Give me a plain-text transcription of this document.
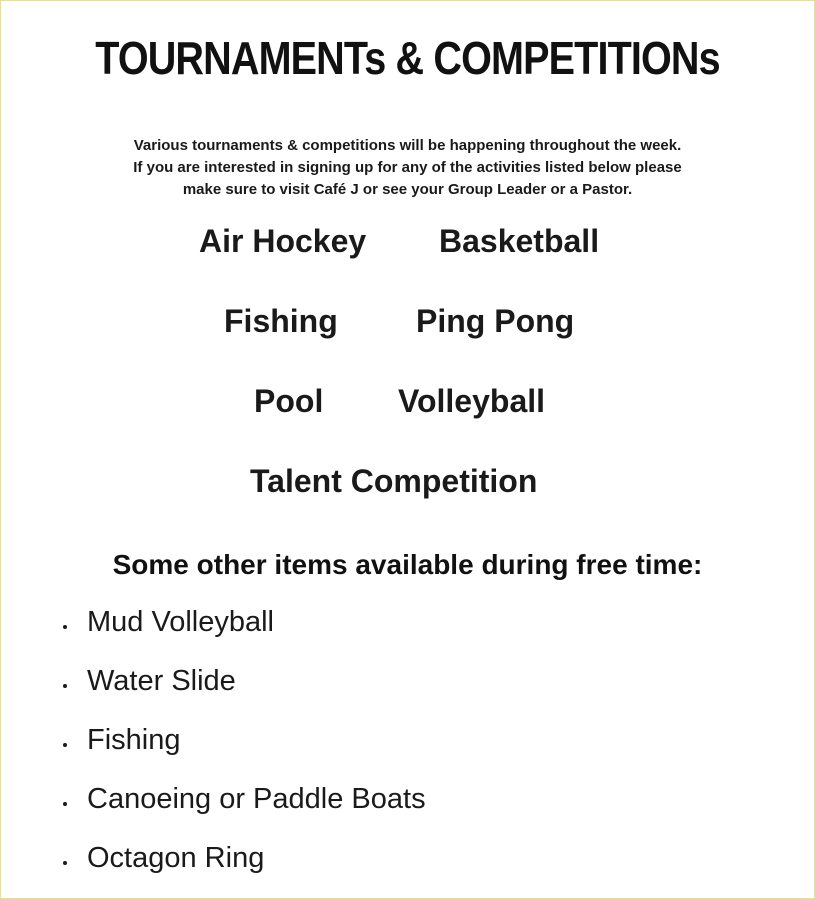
TOURNAMENTs & COMPETITIONs
Various tournaments & competitions will be happening throughout the week.
If you are interested in signing up for any of the activities listed below please
make sure to visit Café J or see your Group Leader or a Pastor.
Air Hockey Basketball
Fishing Ping Pong
Pool Volleyball
Talent Competition
Some other items available during free time:
Mud Volleyball
Water Slide
Fishing
Canoeing or Paddle Boats
Octagon Ring
